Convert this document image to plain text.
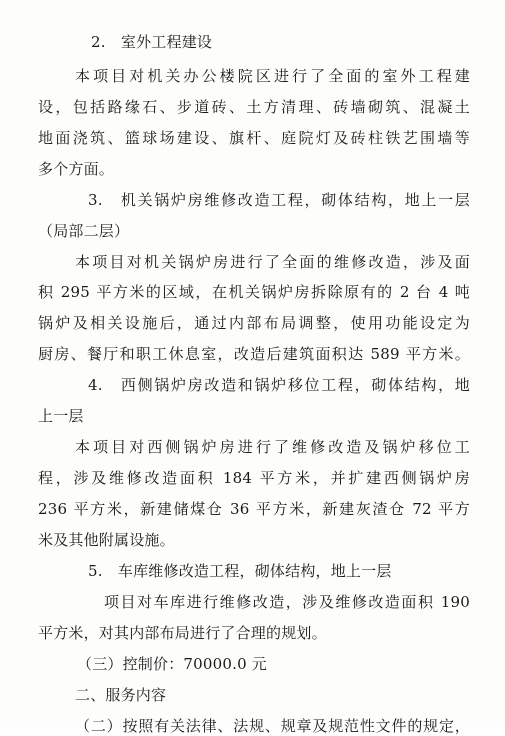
2.　室外工程建设
本项目对机关办公楼院区进行了全面的室外工程建
设，包括路缘石、步道砖、土方清理、砖墙砌筑、混凝土
地面浇筑、篮球场建设、旗杆、庭院灯及砖柱铁艺围墙等
多个方面。
3.　机关锅炉房维修改造工程，砌体结构，地上一层
（局部二层）
本项目对机关锅炉房进行了全面的维修改造，涉及面
积 295 平方米的区域，在机关锅炉房拆除原有的 2 台 4 吨
锅炉及相关设施后，通过内部布局调整，使用功能设定为
厨房、餐厅和职工休息室，改造后建筑面积达 589 平方米。
4.　西侧锅炉房改造和锅炉移位工程，砌体结构，地
上一层
本项目对西侧锅炉房进行了维修改造及锅炉移位工
程，涉及维修改造面积 184 平方米，并扩建西侧锅炉房
236 平方米，新建储煤仓 36 平方米，新建灰渣仓 72 平方
米及其他附属设施。
5.　车库维修改造工程，砌体结构，地上一层
项目对车库进行维修改造，涉及维修改造面积 190
平方米，对其内部布局进行了合理的规划。
（三）控制价：70000.0 元
二、服务内容
（二）按照有关法律、法规、规章及规范性文件的规定，
